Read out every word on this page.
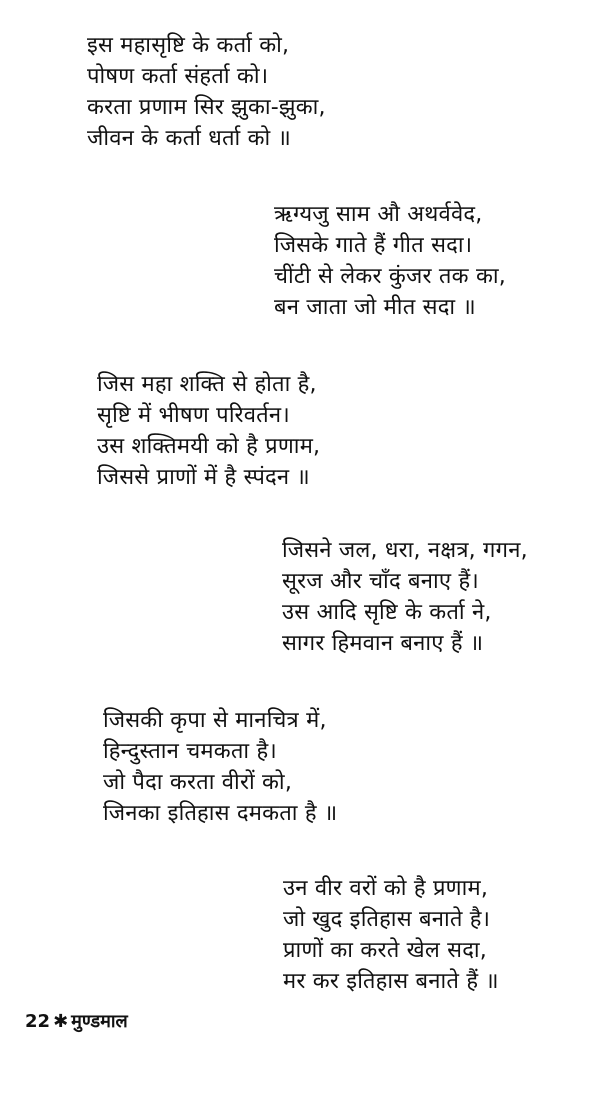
इस महासृष्टि के कर्ता को,
पोषण कर्ता संहर्ता को।
करता प्रणाम सिर झुका-झुका,
जीवन के कर्ता धर्ता को ॥
ऋग्यजु साम औ अथर्ववेद,
जिसके गाते हैं गीत सदा।
चींटी से लेकर कुंजर तक का,
बन जाता जो मीत सदा ॥
जिस महा शक्ति से होता है,
सृष्टि में भीषण परिवर्तन।
उस शक्तिमयी को है प्रणाम,
जिससे प्राणों में है स्पंदन ॥
जिसने जल, धरा, नक्षत्र, गगन,
सूरज और चाँद बनाए हैं।
उस आदि सृष्टि के कर्ता ने,
सागर हिमवान बनाए हैं ॥
जिसकी कृपा से मानचित्र में,
हिन्दुस्तान चमकता है।
जो पैदा करता वीरों को,
जिनका इतिहास दमकता है ॥
उन वीर वरों को है प्रणाम,
जो खुद इतिहास बनाते है।
प्राणों का करते खेल सदा,
मर कर इतिहास बनाते हैं ॥
22 ✱ मुण्डमाल
